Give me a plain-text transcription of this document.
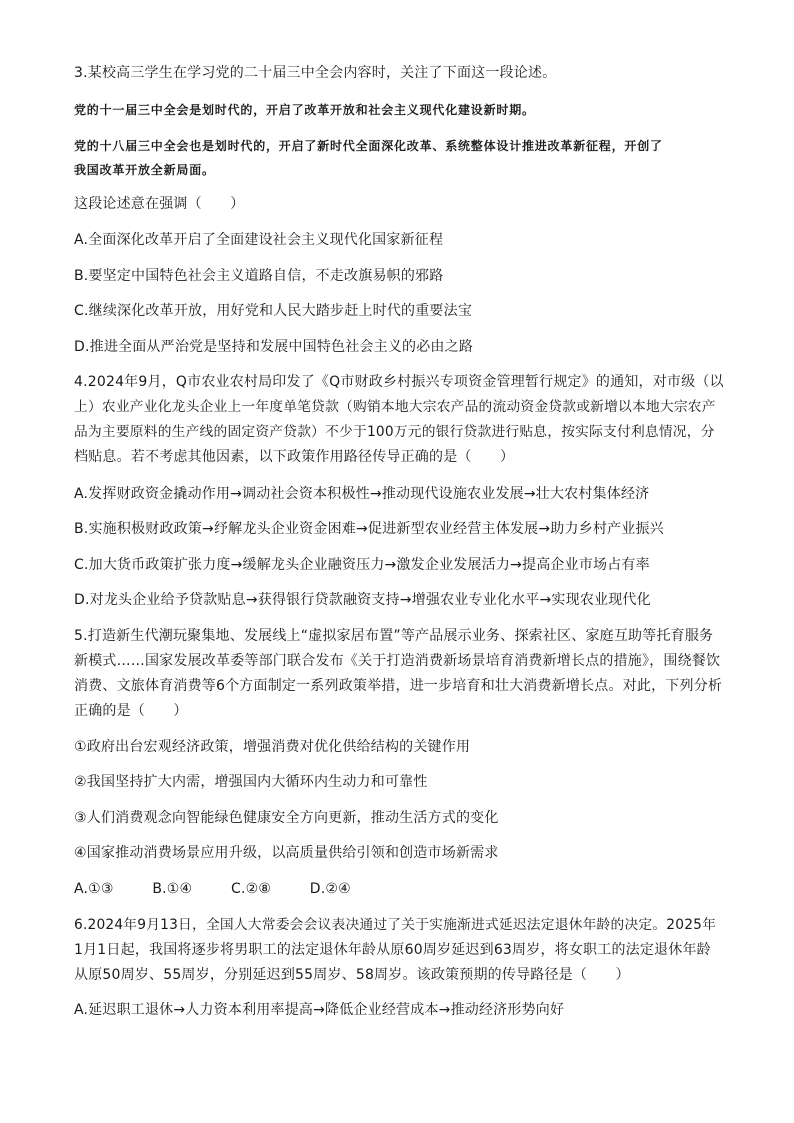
3.某校高三学生在学习党的二十届三中全会内容时，关注了下面这一段论述。
党的十一届三中全会是划时代的，开启了改革开放和社会主义现代化建设新时期。
党的十八届三中全会也是划时代的，开启了新时代全面深化改革、系统整体设计推进改革新征程，开创了
我国改革开放全新局面。
这段论述意在强调（　　）
A.全面深化改革开启了全面建设社会主义现代化国家新征程
B.要坚定中国特色社会主义道路自信，不走改旗易帜的邪路
C.继续深化改革开放，用好党和人民大踏步赶上时代的重要法宝
D.推进全面从严治党是坚持和发展中国特色社会主义的必由之路
4.2024年9月，Q市农业农村局印发了《Q市财政乡村振兴专项资金管理暂行规定》的通知，对市级（以
上）农业产业化龙头企业上一年度单笔贷款（购销本地大宗农产品的流动资金贷款或新增以本地大宗农产
品为主要原料的生产线的固定资产贷款）不少于100万元的银行贷款进行贴息，按实际支付利息情况，分
档贴息。若不考虑其他因素，以下政策作用路径传导正确的是（　　）
A.发挥财政资金撬动作用→调动社会资本积极性→推动现代设施农业发展→壮大农村集体经济
B.实施积极财政政策→纾解龙头企业资金困难→促进新型农业经营主体发展→助力乡村产业振兴
C.加大货币政策扩张力度→缓解龙头企业融资压力→激发企业发展活力→提高企业市场占有率
D.对龙头企业给予贷款贴息→获得银行贷款融资支持→增强农业专业化水平→实现农业现代化
5.打造新生代潮玩聚集地、发展线上“虚拟家居布置”等产品展示业务、探索社区、家庭互助等托育服务
新模式……国家发展改革委等部门联合发布《关于打造消费新场景培育消费新增长点的措施》，围绕餐饮
消费、文旅体育消费等6个方面制定一系列政策举措，进一步培育和壮大消费新增长点。对此，下列分析
正确的是（　　）
①政府出台宏观经济政策，增强消费对优化供给结构的关键作用
②我国坚持扩大内需，增强国内大循环内生动力和可靠性
③人们消费观念向智能绿色健康安全方向更新，推动生活方式的变化
④国家推动消费场景应用升级，以高质量供给引领和创造市场新需求
A.①③	B.①④	C.②⑧	D.②④
6.2024年9月13日，全国人大常委会会议表决通过了关于实施渐进式延迟法定退休年龄的决定。2025年
1月1日起，我国将逐步将男职工的法定退休年龄从原60周岁延迟到63周岁，将女职工的法定退休年龄
从原50周岁、55周岁，分别延迟到55周岁、58周岁。该政策预期的传导路径是（　　）
A.延迟职工退休→人力资本利用率提高→降低企业经营成本→推动经济形势向好
